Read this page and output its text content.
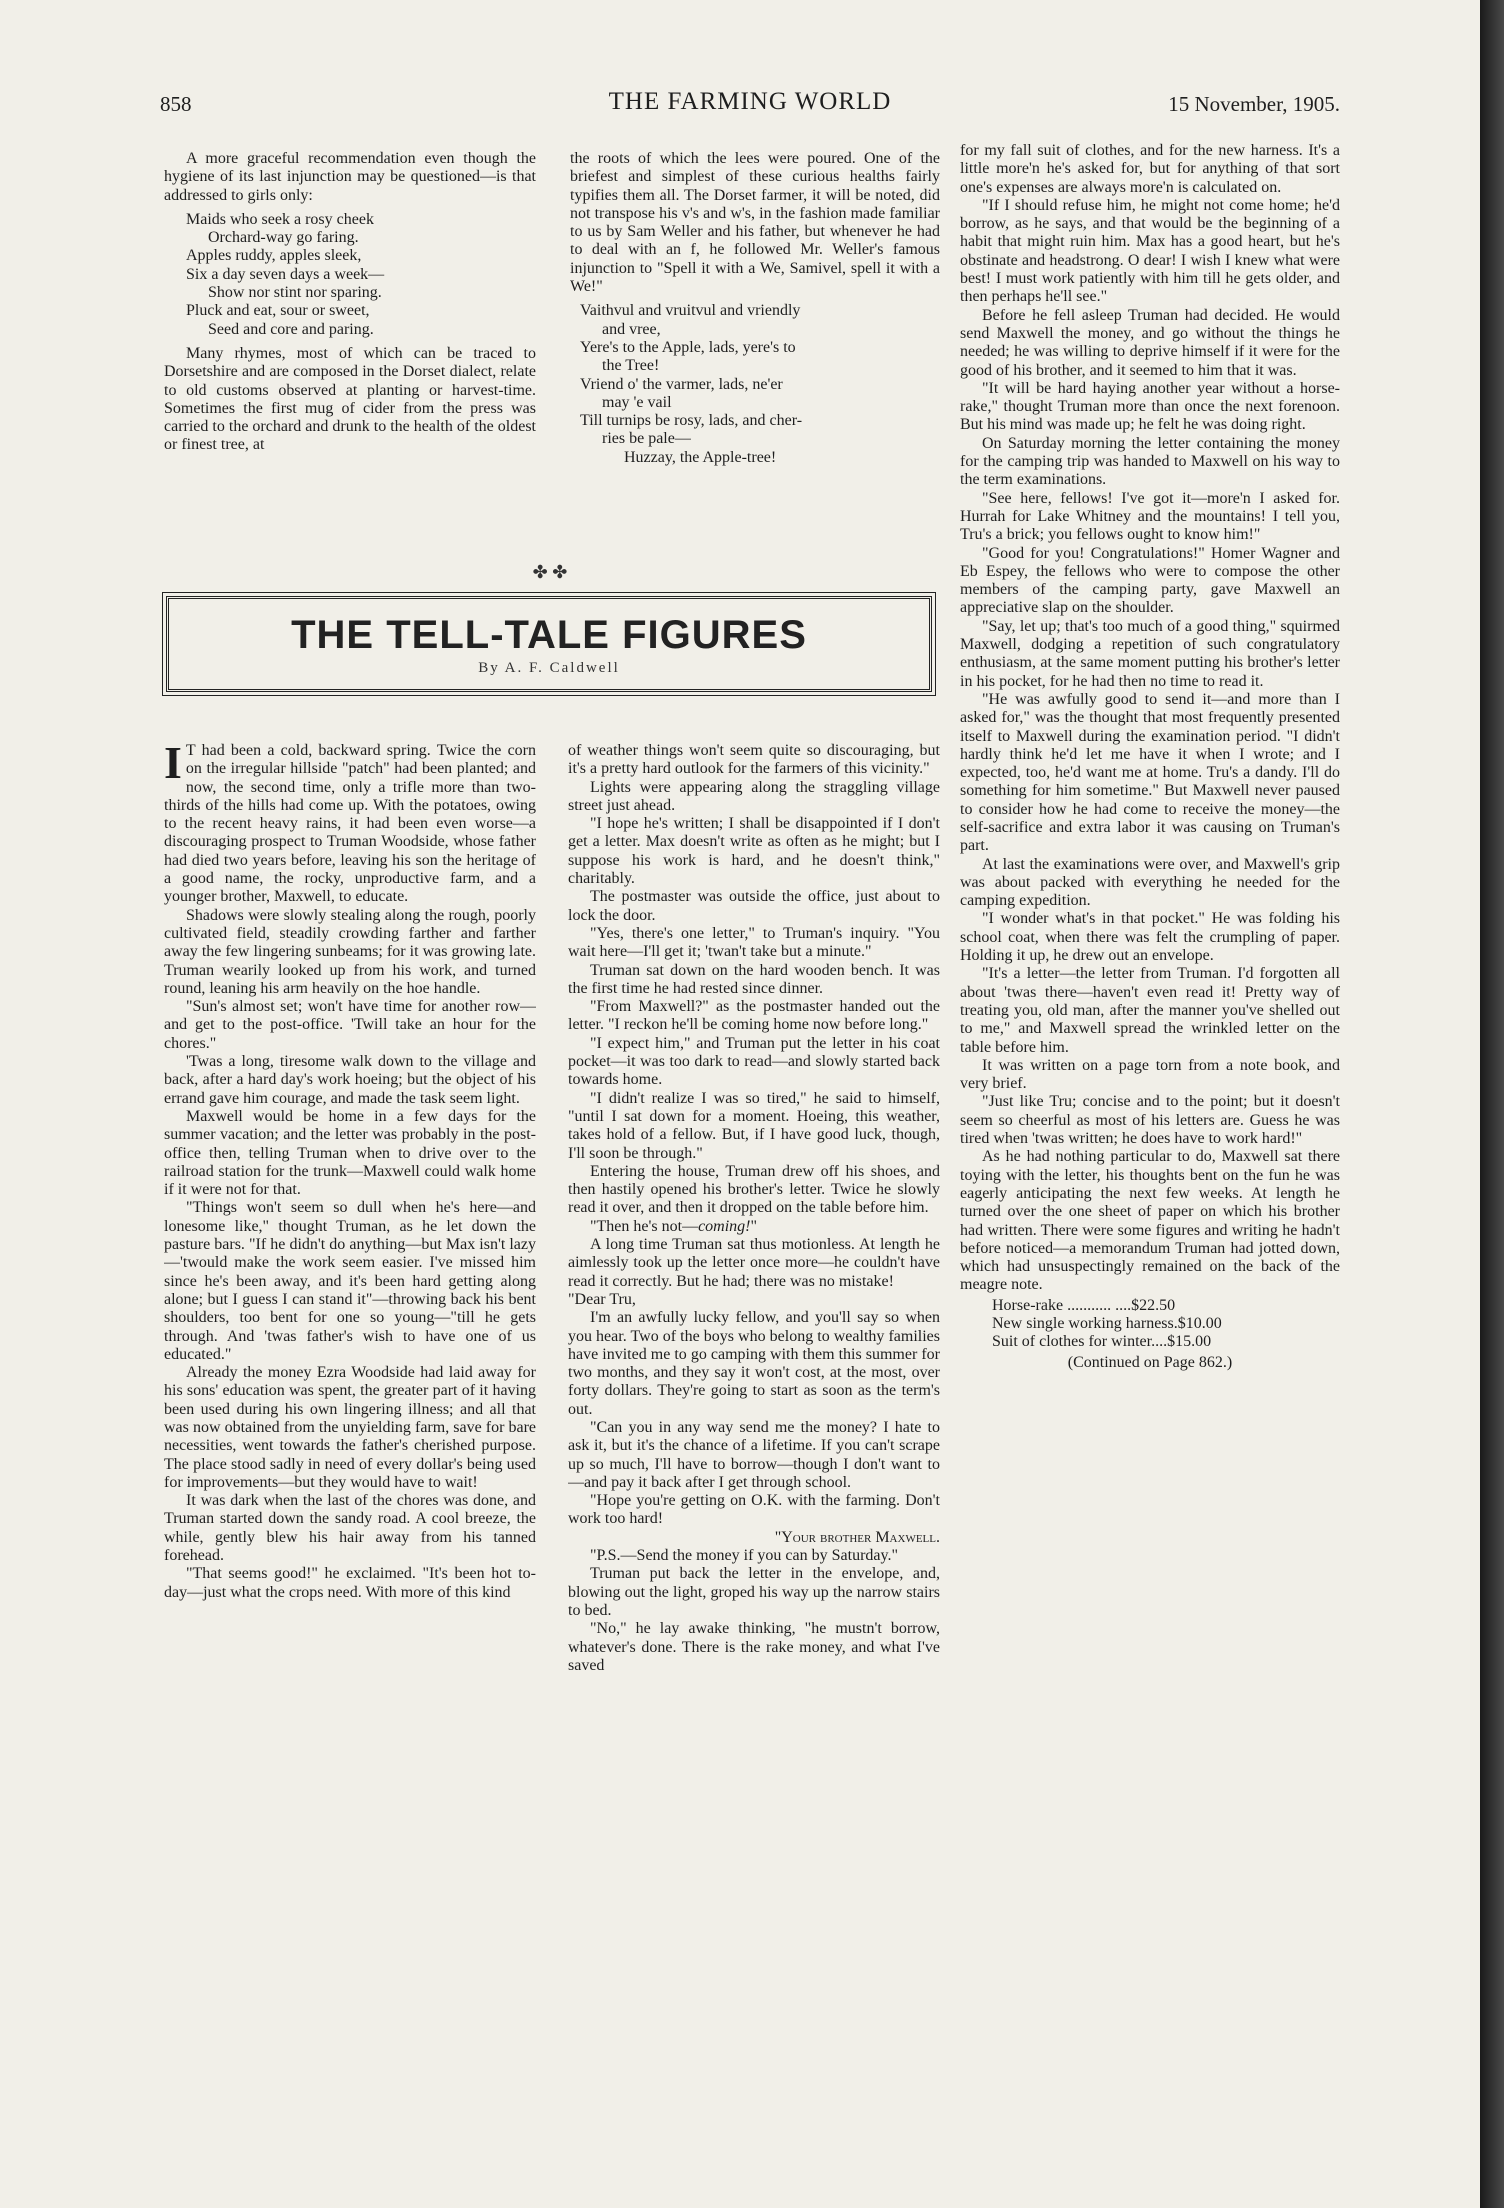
858	THE FARMING WORLD	15 November, 1905.

A more graceful recommendation even though the hygiene of its last injunction may be questioned—is that addressed to girls only:

Maids who seek a rosy cheek
Orchard-way go faring.
Apples ruddy, apples sleek,
Six a day seven days a week—
Show nor stint nor sparing.
Pluck and eat, sour or sweet,
Seed and core and paring.

Many rhymes, most of which can be traced to Dorsetshire and are composed in the Dorset dialect, relate to old customs observed at planting or harvest-time. Sometimes the first mug of cider from the press was carried to the orchard and drunk to the health of the oldest or finest tree, at

the roots of which the lees were poured. One of the briefest and simplest of these curious healths fairly typifies them all. The Dorset farmer, it will be noted, did not transpose his v's and w's, in the fashion made familiar to us by Sam Weller and his father, but whenever he had to deal with an f, he followed Mr. Weller's famous injunction to "Spell it with a We, Samivel, spell it with a We!"

Vaithvul and vruitvul and vriendly
and vree,
Yere's to the Apple, lads, yere's to
the Tree!
Vriend o' the varmer, lads, ne'er
may 'e vail
Till turnips be rosy, lads, and cher-
ries be pale—
Huzzay, the Apple-tree!
✤ ✤
THE TELL-TALE FIGURES
By A. F. Caldwell

I T had been a cold, backward spring. Twice the corn on the irregular hillside "patch" had been planted; and now, the second time, only a trifle more than two-thirds of the hills had come up. With the potatoes, owing to the recent heavy rains, it had been even worse—a discouraging prospect to Truman Woodside, whose father had died two years before, leaving his son the heritage of a good name, the rocky, unproductive farm, and a younger brother, Maxwell, to educate.

Shadows were slowly stealing along the rough, poorly cultivated field, steadily crowding farther and farther away the few lingering sunbeams; for it was growing late. Truman wearily looked up from his work, and turned round, leaning his arm heavily on the hoe handle.

"Sun's almost set; won't have time for another row—and get to the post-office. 'Twill take an hour for the chores."

'Twas a long, tiresome walk down to the village and back, after a hard day's work hoeing; but the object of his errand gave him courage, and made the task seem light.

Maxwell would be home in a few days for the summer vacation; and the letter was probably in the post-office then, telling Truman when to drive over to the railroad station for the trunk—Maxwell could walk home if it were not for that.

"Things won't seem so dull when he's here—and lonesome like," thought Truman, as he let down the pasture bars. "If he didn't do anything—but Max isn't lazy—'twould make the work seem easier. I've missed him since he's been away, and it's been hard getting along alone; but I guess I can stand it"—throwing back his bent shoulders, too bent for one so young—"till he gets through. And 'twas father's wish to have one of us educated."

Already the money Ezra Woodside had laid away for his sons' education was spent, the greater part of it having been used during his own lingering illness; and all that was now obtained from the unyielding farm, save for bare necessities, went towards the father's cherished purpose. The place stood sadly in need of every dollar's being used for improvements—but they would have to wait!

It was dark when the last of the chores was done, and Truman started down the sandy road. A cool breeze, the while, gently blew his hair away from his tanned forehead.

"That seems good!" he exclaimed. "It's been hot to-day—just what the crops need. With more of this kind

of weather things won't seem quite so discouraging, but it's a pretty hard outlook for the farmers of this vicinity."

Lights were appearing along the straggling village street just ahead.

"I hope he's written; I shall be disappointed if I don't get a letter. Max doesn't write as often as he might; but I suppose his work is hard, and he doesn't think," charitably.

The postmaster was outside the office, just about to lock the door.

"Yes, there's one letter," to Truman's inquiry. "You wait here—I'll get it; 'twan't take but a minute."

Truman sat down on the hard wooden bench. It was the first time he had rested since dinner.

"From Maxwell?" as the postmaster handed out the letter. "I reckon he'll be coming home now before long."

"I expect him," and Truman put the letter in his coat pocket—it was too dark to read—and slowly started back towards home.

"I didn't realize I was so tired," he said to himself, "until I sat down for a moment. Hoeing, this weather, takes hold of a fellow. But, if I have good luck, though, I'll soon be through."

Entering the house, Truman drew off his shoes, and then hastily opened his brother's letter. Twice he slowly read it over, and then it dropped on the table before him.

"Then he's not—coming!"

A long time Truman sat thus motionless. At length he aimlessly took up the letter once more—he couldn't have read it correctly. But he had; there was no mistake!

"Dear Tru,

I'm an awfully lucky fellow, and you'll say so when you hear. Two of the boys who belong to wealthy families have invited me to go camping with them this summer for two months, and they say it won't cost, at the most, over forty dollars. They're going to start as soon as the term's out.

"Can you in any way send me the money? I hate to ask it, but it's the chance of a lifetime. If you can't scrape up so much, I'll have to borrow—though I don't want to—and pay it back after I get through school.

"Hope you're getting on O.K. with the farming. Don't work too hard!

"Your brother Maxwell.

"P.S.—Send the money if you can by Saturday."

Truman put back the letter in the envelope, and, blowing out the light, groped his way up the narrow stairs to bed.

"No," he lay awake thinking, "he mustn't borrow, whatever's done. There is the rake money, and what I've saved

for my fall suit of clothes, and for the new harness. It's a little more'n he's asked for, but for anything of that sort one's expenses are always more'n is calculated on.

"If I should refuse him, he might not come home; he'd borrow, as he says, and that would be the beginning of a habit that might ruin him. Max has a good heart, but he's obstinate and headstrong. O dear! I wish I knew what were best! I must work patiently with him till he gets older, and then perhaps he'll see."

Before he fell asleep Truman had decided. He would send Maxwell the money, and go without the things he needed; he was willing to deprive himself if it were for the good of his brother, and it seemed to him that it was.

"It will be hard haying another year without a horse-rake," thought Truman more than once the next forenoon. But his mind was made up; he felt he was doing right.

On Saturday morning the letter containing the money for the camping trip was handed to Maxwell on his way to the term examinations.

"See here, fellows! I've got it—more'n I asked for. Hurrah for Lake Whitney and the mountains! I tell you, Tru's a brick; you fellows ought to know him!"

"Good for you! Congratulations!" Homer Wagner and Eb Espey, the fellows who were to compose the other members of the camping party, gave Maxwell an appreciative slap on the shoulder.

"Say, let up; that's too much of a good thing," squirmed Maxwell, dodging a repetition of such congratulatory enthusiasm, at the same moment putting his brother's letter in his pocket, for he had then no time to read it.

"He was awfully good to send it—and more than I asked for," was the thought that most frequently presented itself to Maxwell during the examination period. "I didn't hardly think he'd let me have it when I wrote; and I expected, too, he'd want me at home. Tru's a dandy. I'll do something for him sometime." But Maxwell never paused to consider how he had come to receive the money—the self-sacrifice and extra labor it was causing on Truman's part.

At last the examinations were over, and Maxwell's grip was about packed with everything he needed for the camping expedition.

"I wonder what's in that pocket." He was folding his school coat, when there was felt the crumpling of paper. Holding it up, he drew out an envelope.

"It's a letter—the letter from Truman. I'd forgotten all about 'twas there—haven't even read it! Pretty way of treating you, old man, after the manner you've shelled out to me," and Maxwell spread the wrinkled letter on the table before him.

It was written on a page torn from a note book, and very brief.

"Just like Tru; concise and to the point; but it doesn't seem so cheerful as most of his letters are. Guess he was tired when 'twas written; he does have to work hard!"

As he had nothing particular to do, Maxwell sat there toying with the letter, his thoughts bent on the fun he was eagerly anticipating the next few weeks. At length he turned over the one sheet of paper on which his brother had written. There were some figures and writing he hadn't before noticed—a memorandum Truman had jotted down, which had unsuspectingly remained on the back of the meagre note.

Horse-rake ........... ....$22.50
New single working harness.$10.00
Suit of clothes for winter....$15.00
(Continued on Page 862.)
